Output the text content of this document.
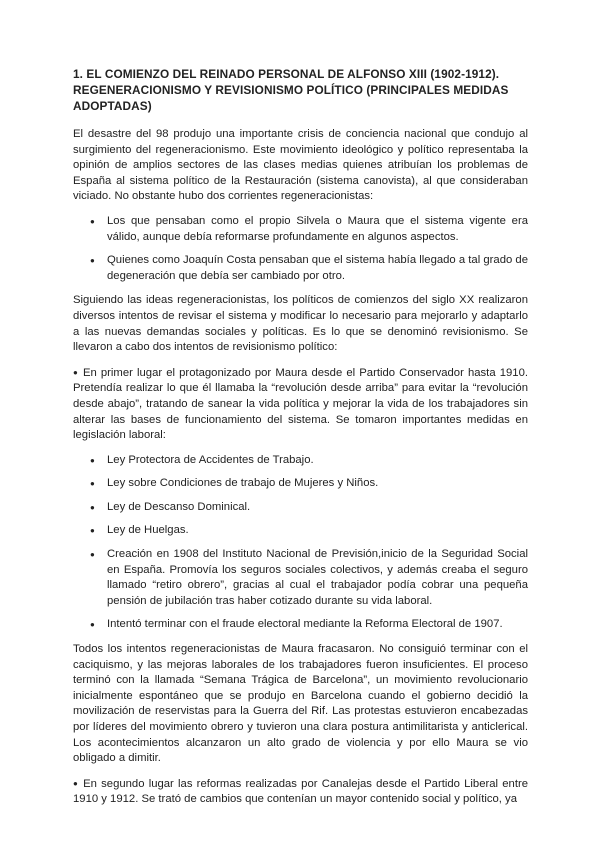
1. EL COMIENZO DEL REINADO PERSONAL DE ALFONSO XIII (1902-1912). REGENERACIONISMO Y REVISIONISMO POLÍTICO (PRINCIPALES MEDIDAS ADOPTADAS)

El desastre del 98 produjo una importante crisis de conciencia nacional que condujo al surgimiento del regeneracionismo. Este movimiento ideológico y político representaba la opinión de amplios sectores de las clases medias quienes atribuían los problemas de España al sistema político de la Restauración (sistema canovista), al que consideraban viciado. No obstante hubo dos corrientes regeneracionistas:

● Los que pensaban como el propio Silvela o Maura que el sistema vigente era válido, aunque debía reformarse profundamente en algunos aspectos.
● Quienes como Joaquín Costa pensaban que el sistema había llegado a tal grado de degeneración que debía ser cambiado por otro.

Siguiendo las ideas regeneracionistas, los políticos de comienzos del siglo XX realizaron diversos intentos de revisar el sistema y modificar lo necesario para mejorarlo y adaptarlo a las nuevas demandas sociales y políticas. Es lo que se denominó revisionismo. Se llevaron a cabo dos intentos de revisionismo político:

● En primer lugar el protagonizado por Maura desde el Partido Conservador hasta 1910. Pretendía realizar lo que él llamaba la “revolución desde arriba” para evitar la “revolución desde abajo”, tratando de sanear la vida política y mejorar la vida de los trabajadores sin alterar las bases de funcionamiento del sistema. Se tomaron importantes medidas en legislación laboral:

● Ley Protectora de Accidentes de Trabajo.
● Ley sobre Condiciones de trabajo de Mujeres y Niños.
● Ley de Descanso Dominical.
● Ley de Huelgas.
● Creación en 1908 del Instituto Nacional de Previsión,inicio de la Seguridad Social en España. Promovía los seguros sociales colectivos, y además creaba el seguro llamado “retiro obrero”, gracias al cual el trabajador podía cobrar una pequeña pensión de jubilación tras haber cotizado durante su vida laboral.
● Intentó terminar con el fraude electoral mediante la Reforma Electoral de 1907.

Todos los intentos regeneracionistas de Maura fracasaron. No consiguió terminar con el caciquismo, y las mejoras laborales de los trabajadores fueron insuficientes. El proceso terminó con la llamada “Semana Trágica de Barcelona”, un movimiento revolucionario inicialmente espontáneo que se produjo en Barcelona cuando el gobierno decidió la movilización de reservistas para la Guerra del Rif. Las protestas estuvieron encabezadas por líderes del movimiento obrero y tuvieron una clara postura antimilitarista y anticlerical. Los acontecimientos alcanzaron un alto grado de violencia y por ello Maura se vio obligado a dimitir.

● En segundo lugar las reformas realizadas por Canalejas desde el Partido Liberal entre 1910 y 1912. Se trató de cambios que contenían un mayor contenido social y político, ya
